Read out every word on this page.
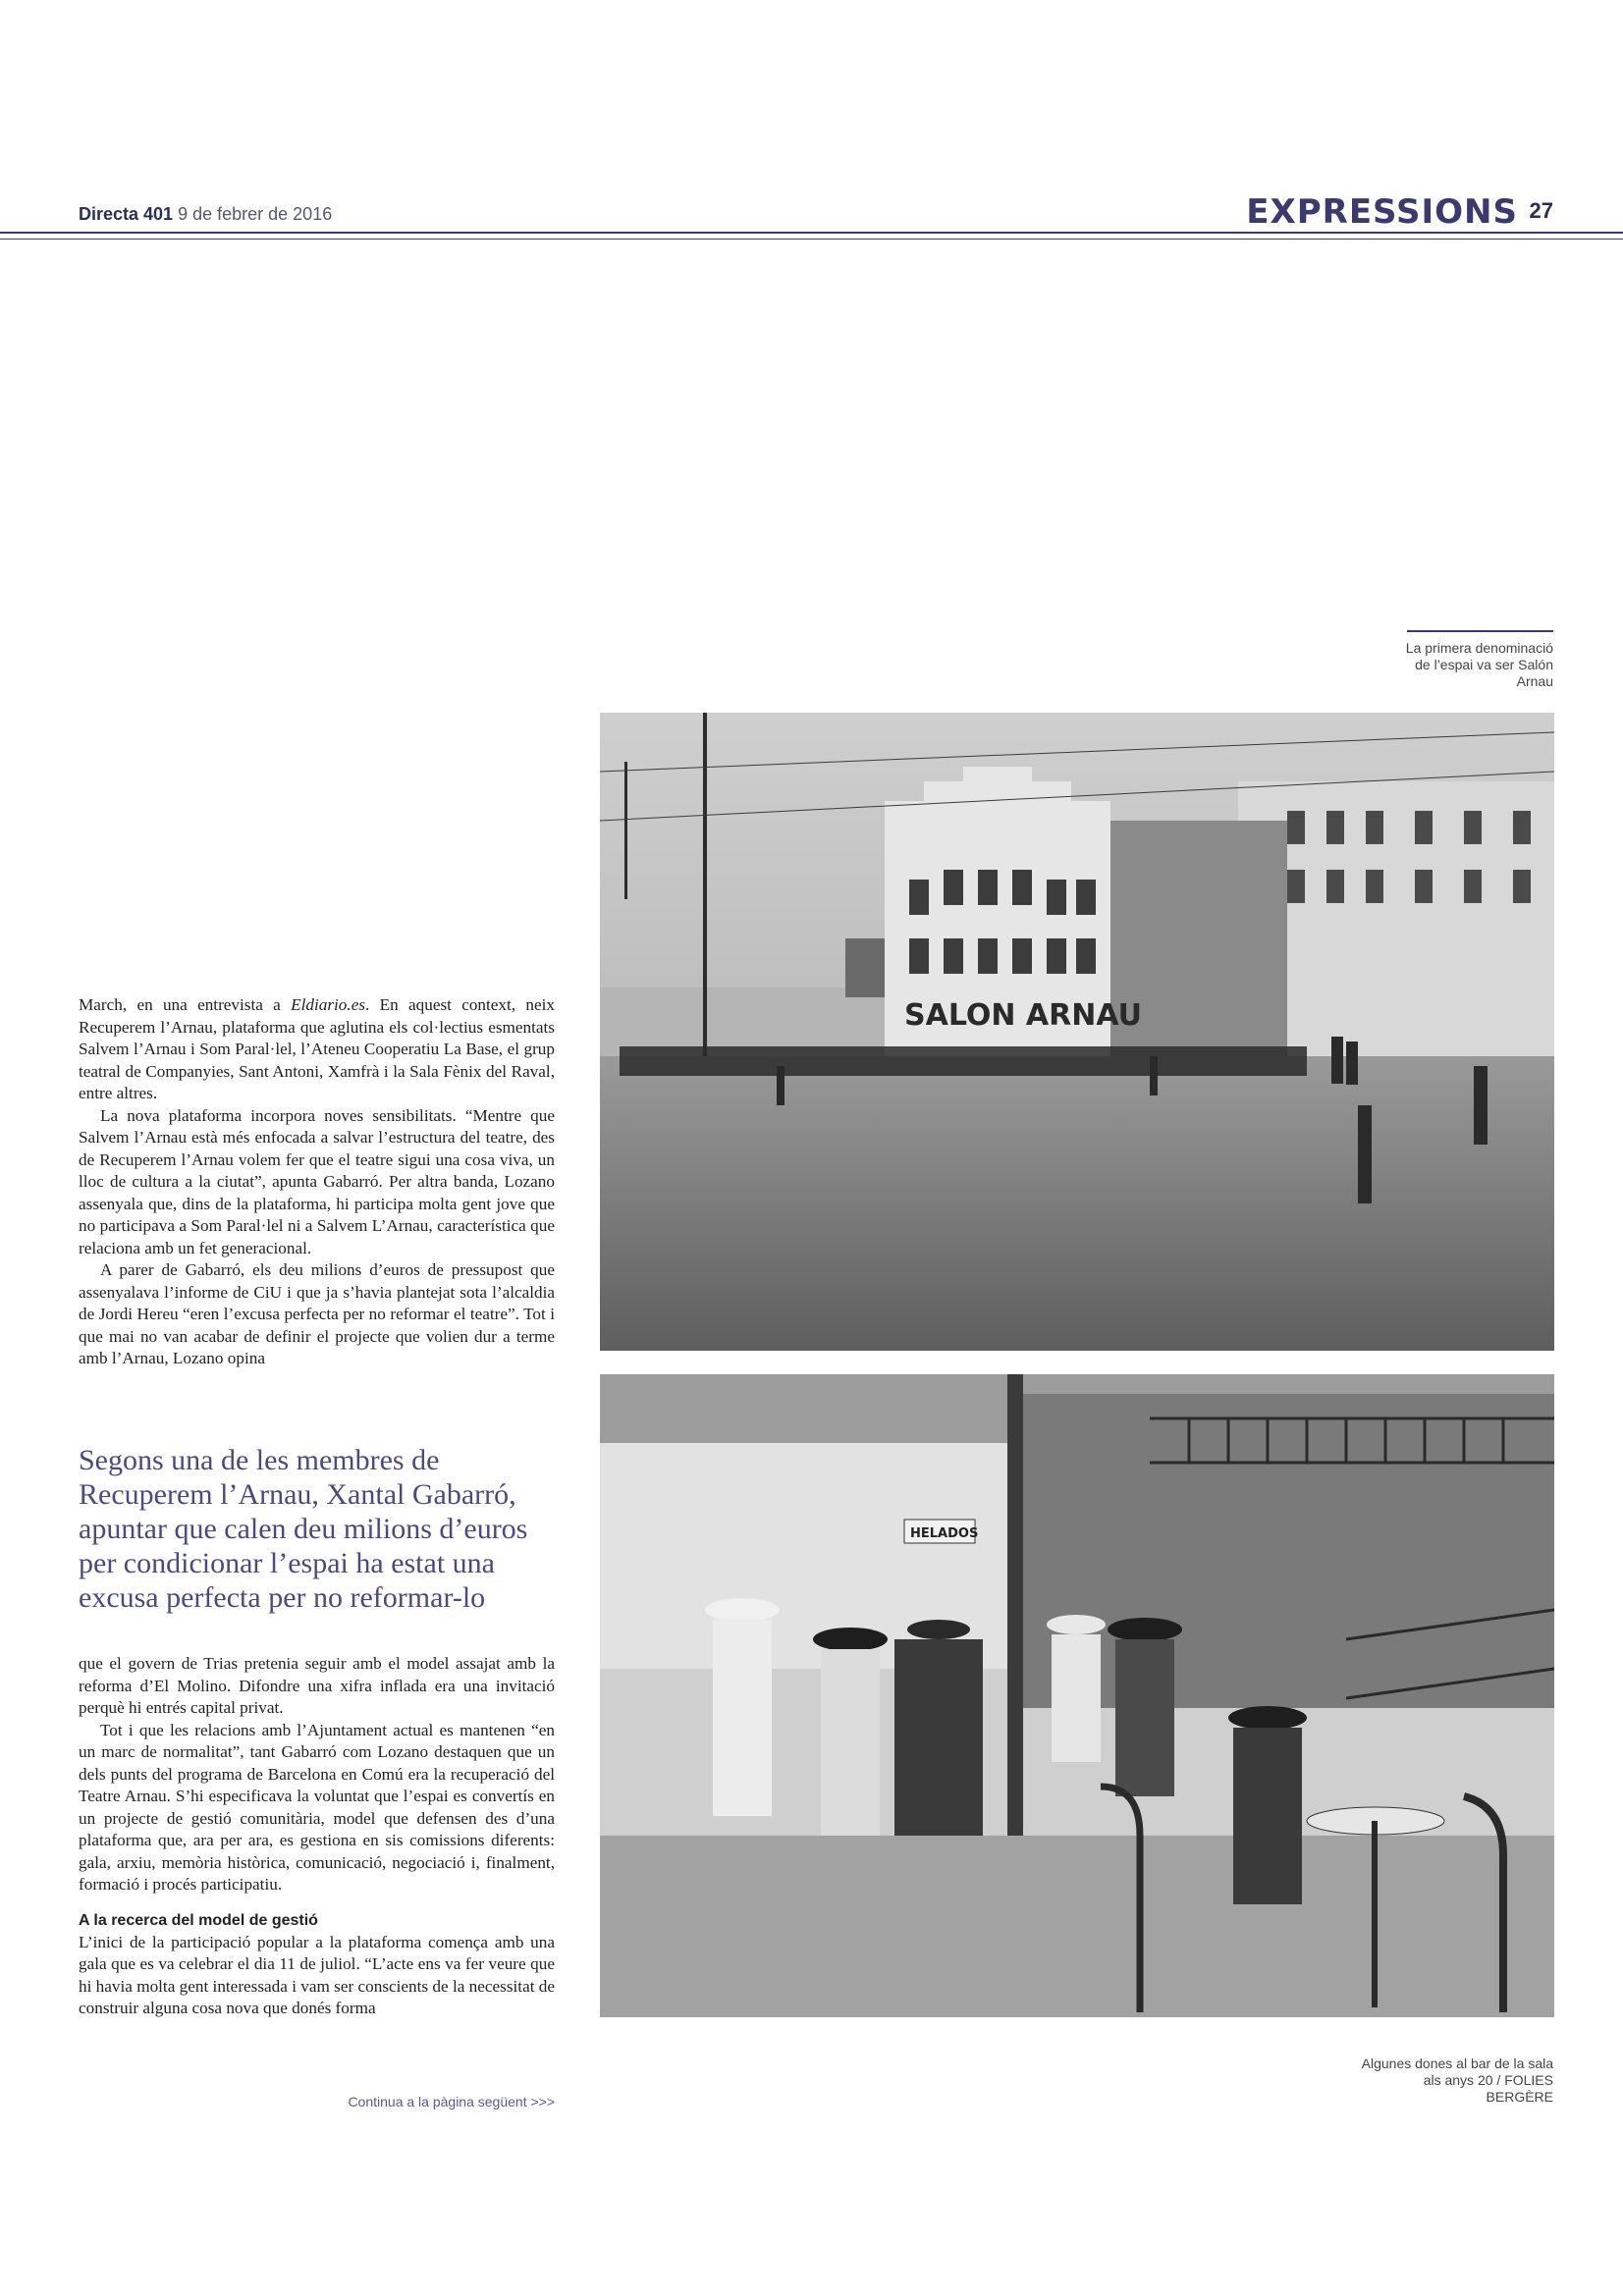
Directa 401 9 de febrer de 2016	EXPRESSIONS 27
La primera denominació de l’espai va ser Salón Arnau
SALON ARNAU
HELADOS
Algunes dones al bar de la sala als anys 20 / FOLIES BERGÈRE

March, en una entrevista a Eldiario.es. En aquest context, neix Recuperem l’Arnau, plataforma que aglutina els col·lectius esmentats Salvem l’Arnau i Som Paral·lel, l’Ateneu Cooperatiu La Base, el grup teatral de Companyies, Sant Antoni, Xamfrà i la Sala Fènix del Raval, entre altres.

La nova plataforma incorpora noves sensibilitats. “Mentre que Salvem l’Arnau està més enfocada a salvar l’estructura del teatre, des de Recuperem l’Arnau volem fer que el teatre sigui una cosa viva, un lloc de cultura a la ciutat”, apunta Gabarró. Per altra banda, Lozano assenyala que, dins de la plataforma, hi participa molta gent jove que no participava a Som Paral·lel ni a Salvem L’Arnau, característica que relaciona amb un fet generacional.

A parer de Gabarró, els deu milions d’euros de pressupost que assenyalava l’informe de CiU i que ja s’havia plantejat sota l’alcaldia de Jordi Hereu “eren l’excusa perfecta per no reformar el teatre”. Tot i que mai no van acabar de definir el projecte que volien dur a terme amb l’Arnau, Lozano opina

Segons una de les membres de Recuperem l’Arnau, Xantal Gabarró, apuntar que calen deu milions d’euros per condicionar l’espai ha estat una excusa perfecta per no reformar-lo

que el govern de Trias pretenia seguir amb el model assajat amb la reforma d’El Molino. Difondre una xifra inflada era una invitació perquè hi entrés capital privat.

Tot i que les relacions amb l’Ajuntament actual es mantenen “en un marc de normalitat”, tant Gabarró com Lozano destaquen que un dels punts del programa de Barcelona en Comú era la recuperació del Teatre Arnau. S’hi especificava la voluntat que l’espai es convertís en un projecte de gestió comunitària, model que defensen des d’una plataforma que, ara per ara, es gestiona en sis comissions diferents: gala, arxiu, memòria històrica, comunicació, negociació i, finalment, formació i procés participatiu.

A la recerca del model de gestió

L’inici de la participació popular a la plataforma comença amb una gala que es va celebrar el dia 11 de juliol. “L’acte ens va fer veure que hi havia molta gent interessada i vam ser conscients de la necessitat de construir alguna cosa nova que donés forma

Continua a la pàgina següent >>>
